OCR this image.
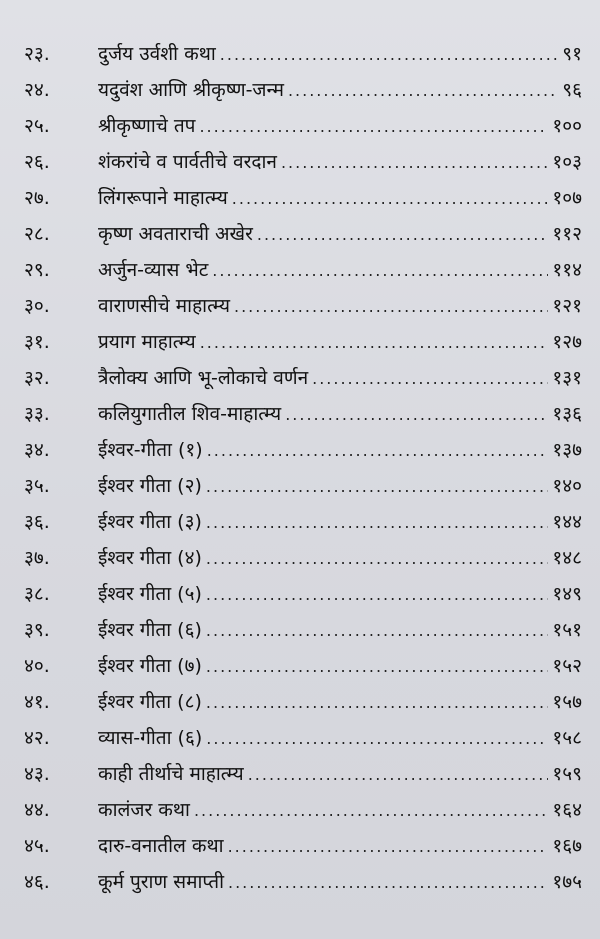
२३.	दुर्जय उर्वशी कथा .....	९१
२४.	यदुवंश आणि श्रीकृष्ण-जन्म .....	९६
२५.	श्रीकृष्णाचे तप .....	१००
२६.	शंकरांचे व पार्वतीचे वरदान .....	१०३
२७.	लिंगरूपाने माहात्म्य .....	१०७
२८.	कृष्ण अवताराची अखेर .....	११२
२९.	अर्जुन-व्यास भेट .....	११४
३०.	वाराणसीचे माहात्म्य .....	१२१
३१.	प्रयाग माहात्म्य .....	१२७
३२.	त्रैलोक्य आणि भू-लोकाचे वर्णन .....	१३१
३३.	कलियुगातील शिव-माहात्म्य .....	१३६
३४.	ईश्वर-गीता (१) .....	१३७
३५.	ईश्वर गीता (२) .....	१४०
३६.	ईश्वर गीता (३) .....	१४४
३७.	ईश्वर गीता (४) .....	१४८
३८.	ईश्वर गीता (५) .....	१४९
३९.	ईश्वर गीता (६) .....	१५१
४०.	ईश्वर गीता (७) .....	१५२
४१.	ईश्वर गीता (८) .....	१५७
४२.	व्यास-गीता (६) .....	१५८
४३.	काही तीर्थाचे माहात्म्य .....	१५९
४४.	कालंजर कथा .....	१६४
४५.	दारु-वनातील कथा .....	१६७
४६.	कूर्म पुराण समाप्ती .....	१७५
